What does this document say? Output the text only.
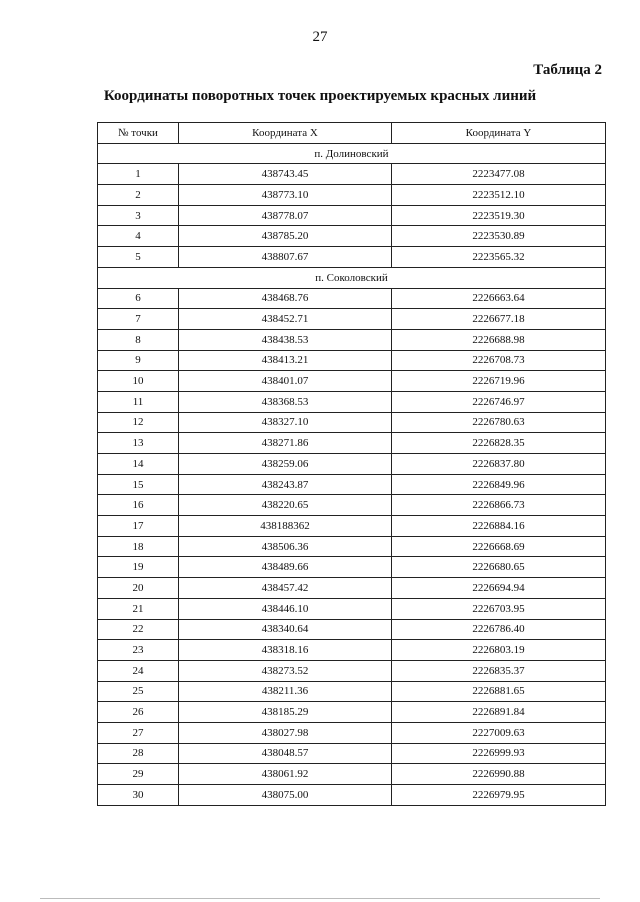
27
Таблица 2
Координаты поворотных точек проектируемых красных линий
№ точки	Координата X	Координата Y
п. Долиновский		
1	438743.45	2223477.08
2	438773.10	2223512.10
3	438778.07	2223519.30
4	438785.20	2223530.89
5	438807.67	2223565.32
п. Соколовский		
6	438468.76	2226663.64
7	438452.71	2226677.18
8	438438.53	2226688.98
9	438413.21	2226708.73
10	438401.07	2226719.96
11	438368.53	2226746.97
12	438327.10	2226780.63
13	438271.86	2226828.35
14	438259.06	2226837.80
15	438243.87	2226849.96
16	438220.65	2226866.73
17	438188362	2226884.16
18	438506.36	2226668.69
19	438489.66	2226680.65
20	438457.42	2226694.94
21	438446.10	2226703.95
22	438340.64	2226786.40
23	438318.16	2226803.19
24	438273.52	2226835.37
25	438211.36	2226881.65
26	438185.29	2226891.84
27	438027.98	2227009.63
28	438048.57	2226999.93
29	438061.92	2226990.88
30	438075.00	2226979.95
